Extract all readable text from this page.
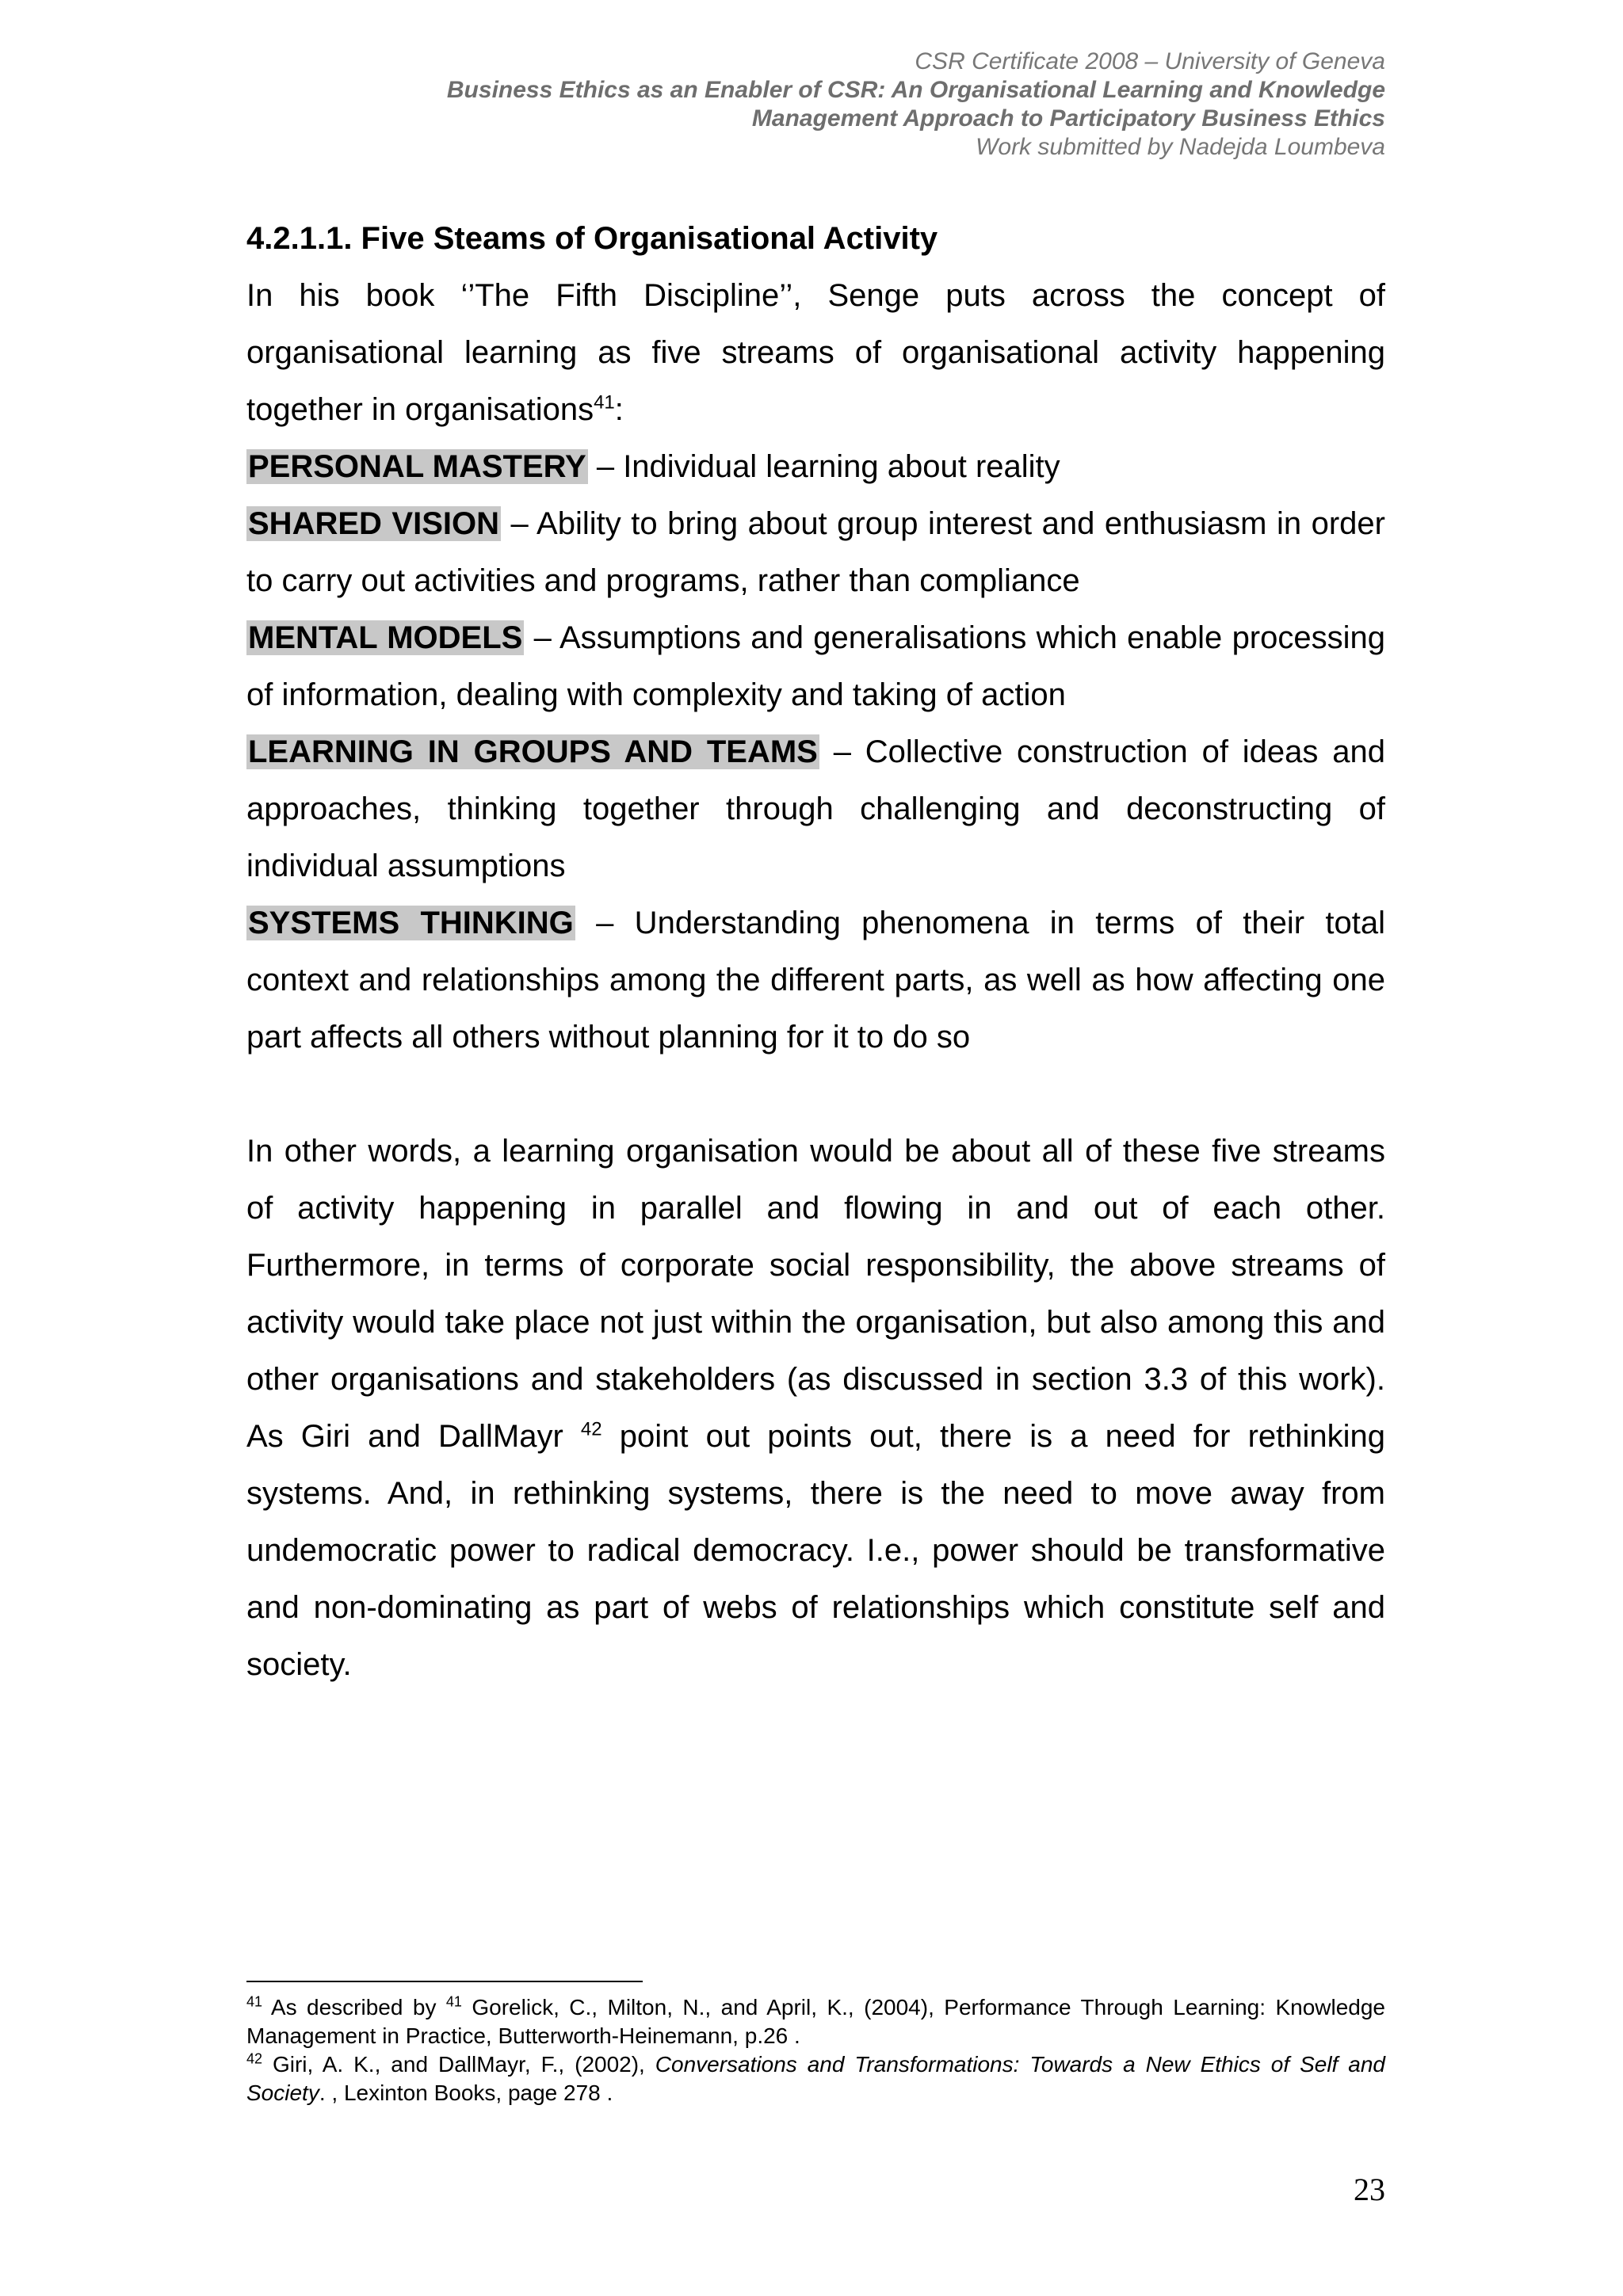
CSR Certificate 2008 – University of Geneva
Business Ethics as an Enabler of CSR: An Organisational Learning and Knowledge
Management Approach to Participatory Business Ethics
Work submitted by Nadejda Loumbeva
4.2.1.1. Five Steams of Organisational Activity

In his book ‘’The Fifth Discipline’’, Senge puts across the concept of organisational learning as five streams of organisational activity happening together in organisations$^{41}$:

PERSONAL MASTERY – Individual learning about reality

SHARED VISION – Ability to bring about group interest and enthusiasm in order to carry out activities and programs, rather than compliance

MENTAL MODELS – Assumptions and generalisations which enable processing of information, dealing with complexity and taking of action

LEARNING IN GROUPS AND TEAMS – Collective construction of ideas and approaches, thinking together through challenging and deconstructing of individual assumptions

SYSTEMS THINKING – Understanding phenomena in terms of their total context and relationships among the different parts, as well as how affecting one part affects all others without planning for it to do so

In other words, a learning organisation would be about all of these five streams of activity happening in parallel and flowing in and out of each other. Furthermore, in terms of corporate social responsibility, the above streams of activity would take place not just within the organisation, but also among this and other organisations and stakeholders (as discussed in section 3.3 of this work). As Giri and DallMayr $^{42}$ point out points out, there is a need for rethinking systems. And, in rethinking systems, there is the need to move away from undemocratic power to radical democracy. I.e., power should be transformative and non-dominating as part of webs of relationships which constitute self and society.

$^{41}$ As described by $^{41}$ Gorelick, C., Milton, N., and April, K., (2004), Performance Through Learning: Knowledge Management in Practice, Butterworth-Heinemann, p.26 .

$^{42}$ Giri, A. K., and DallMayr, F., (2002), Conversations and Transformations: Towards a New Ethics of Self and Society. , Lexinton Books, page 278 .

23
